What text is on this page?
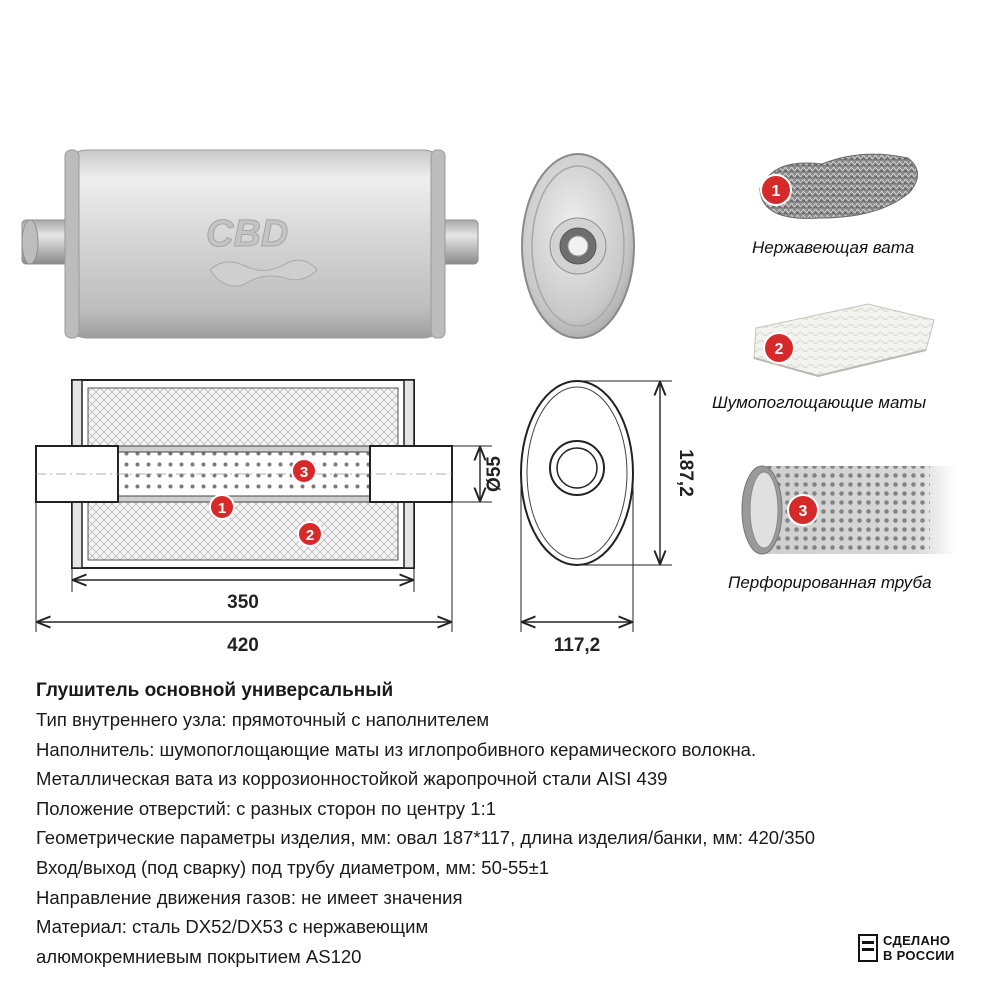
CBD
1
Нержавеющая вата
2
Шумопоглощающие маты
3
Перфорированная труба
3
1
2
Ø55
350
420
187,2
117,2
Глушитель основной универсальный
Тип внутреннего узла: прямоточный с наполнителем
Наполнитель: шумопоглощающие маты из иглопробивного керамического волокна.
Металлическая вата из коррозионностойкой жаропрочной стали AISI 439
Положение отверстий: с разных сторон по центру 1:1
Геометрические параметры изделия, мм: овал 187*117, длина изделия/банки, мм: 420/350
Вход/выход (под сварку) под трубу диаметром, мм: 50-55±1
Направление движения газов: не имеет значения
Материал: сталь DX52/DX53 с нержавеющим
алюмокремниевым покрытием AS120
СДЕЛАНО
В РОССИИ
